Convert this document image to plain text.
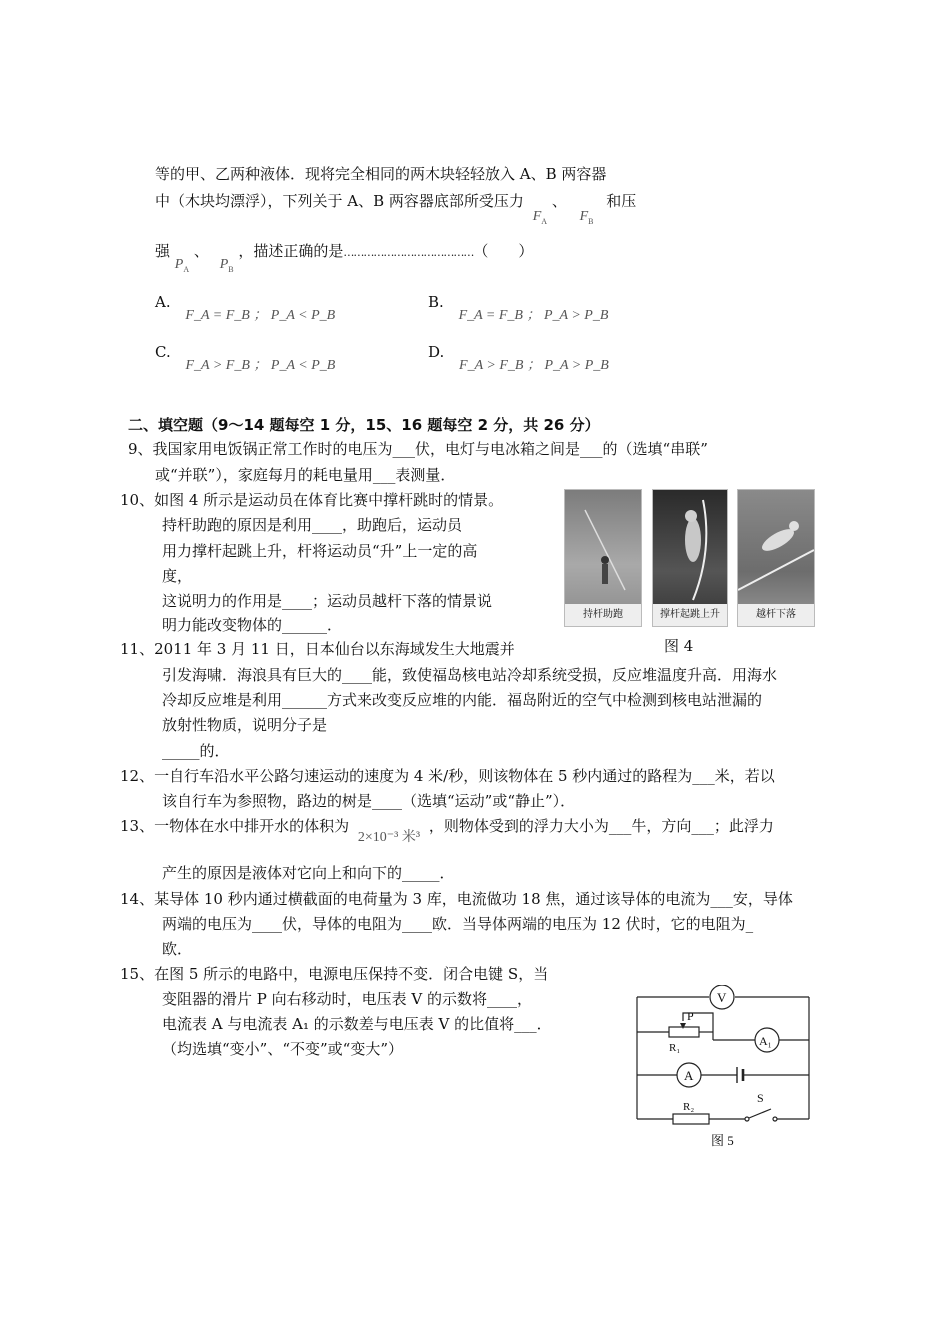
等的甲、乙两种液体．现将完全相同的两木块轻轻放入 A、B 两容器
中（木块均漂浮），下列关于 A、B 两容器底部所受压力 $F_A$ 、 $F_B$ 和压
强 $P_A$ 、 $P_B$ ，描述正确的是…………………………………（　　）
A. F_A = F_B ； P_A < P_B
B. F_A = F_B ； P_A > P_B
C. F_A > F_B ； P_A < P_B
D. F_A > F_B ； P_A > P_B
二、填空题（9～14 题每空 1 分，15、16 题每空 2 分，共 26 分）
9、我国家用电饭锅正常工作时的电压为___伏，电灯与电冰箱之间是___的（选填“串联”
或“并联”），家庭每月的耗电量用___表测量．
10、如图 4 所示是运动员在体育比赛中撑杆跳时的情景。
持杆助跑的原因是利用____，助跑后，运动员
用力撑杆起跳上升，杆将运动员“升”上一定的高
度，
这说明力的作用是____；运动员越杆下落的情景说
明力能改变物体的______．
持杆助跑	撑杆起跳上升	越杆下落
图 4
11、2011 年 3 月 11 日，日本仙台以东海域发生大地震并
引发海啸．海浪具有巨大的____能，致使福岛核电站冷却系统受损，反应堆温度升高．用海水
冷却反应堆是利用______方式来改变反应堆的内能．福岛附近的空气中检测到核电站泄漏的
放射性物质，说明分子是
_____的．
12、一自行车沿水平公路匀速运动的速度为 4 米/秒，则该物体在 5 秒内通过的路程为___米，若以
该自行车为参照物，路边的树是____（选填“运动”或“静止”）．
13、一物体在水中排开水的体积为 2×10⁻³ 米³ ，则物体受到的浮力大小为___牛，方向___；此浮力
产生的原因是液体对它向上和向下的_____．
14、某导体 10 秒内通过横截面的电荷量为 3 库，电流做功 18 焦，通过该导体的电流为___安，导体
两端的电压为____伏，导体的电阻为____欧．当导体两端的电压为 12 伏时，它的电阻为_
欧．
15、在图 5 所示的电路中，电源电压保持不变．闭合电键 S，当
变阻器的滑片 P 向右移动时，电压表 V 的示数将____，
电流表 A 与电流表 A₁ 的示数差与电压表 V 的比值将___．
（均选填“变小”、“不变”或“变大”）
V
A₁
A
P
R₁
R₂
S
图 5
